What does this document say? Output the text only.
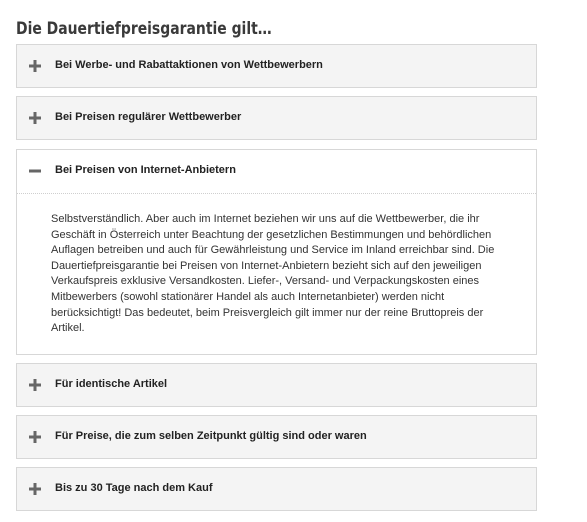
Die Dauertiefpreisgarantie gilt…
Bei Werbe- und Rabattaktionen von Wettbewerbern
Bei Preisen regulärer Wettbewerber
Bei Preisen von Internet-Anbietern
Selbstverständlich. Aber auch im Internet beziehen wir uns auf die Wettbewerber, die ihr Geschäft in Österreich unter Beachtung der gesetzlichen Bestimmungen und behördlichen Auflagen betreiben und auch für Gewährleistung und Service im Inland erreichbar sind. Die Dauertiefpreisgarantie bei Preisen von Internet-Anbietern bezieht sich auf den jeweiligen Verkaufspreis exklusive Versandkosten. Liefer-, Versand- und Verpackungskosten eines Mitbewerbers (sowohl stationärer Handel als auch Internetanbieter) werden nicht berücksichtigt! Das bedeutet, beim Preisvergleich gilt immer nur der reine Bruttopreis der Artikel.
Für identische Artikel
Für Preise, die zum selben Zeitpunkt gültig sind oder waren
Bis zu 30 Tage nach dem Kauf
